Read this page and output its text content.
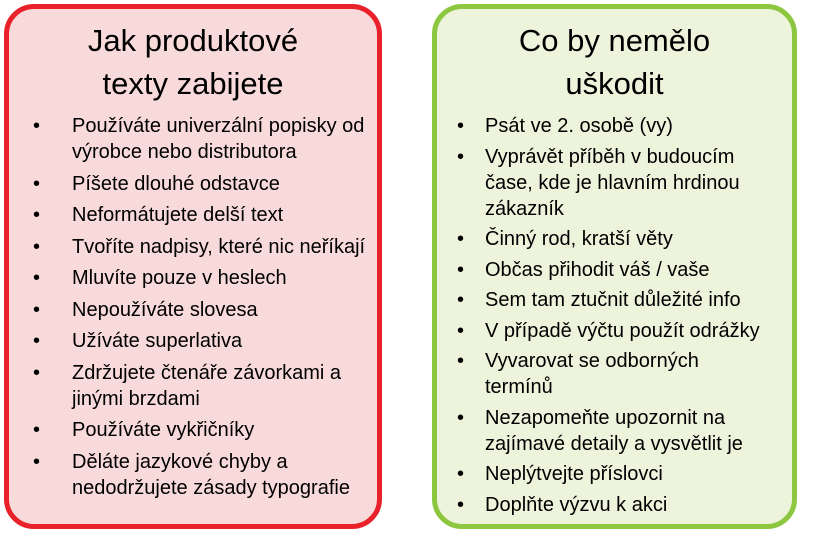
Jak produktové
texty zabijete
• Používáte univerzální popisky od
výrobce nebo distributora
• Píšete dlouhé odstavce
• Neformátujete delší text
• Tvoříte nadpisy, které nic neříkají
• Mluvíte pouze v heslech
• Nepoužíváte slovesa
• Užíváte superlativa
• Zdržujete čtenáře závorkami a
jinými brzdami
• Používáte vykřičníky
• Děláte jazykové chyby a
nedodržujete zásady typografie
Co by nemělo
uškodit
• Psát ve 2. osobě (vy)
• Vyprávět příběh v budoucím
čase, kde je hlavním hrdinou
zákazník
• Činný rod, kratší věty
• Občas přihodit váš / vaše
• Sem tam ztučnit důležité info
• V případě výčtu použít odrážky
• Vyvarovat se odborných
termínů
• Nezapomeňte upozornit na
zajímavé detaily a vysvětlit je
• Neplýtvejte příslovci
• Doplňte výzvu k akci
